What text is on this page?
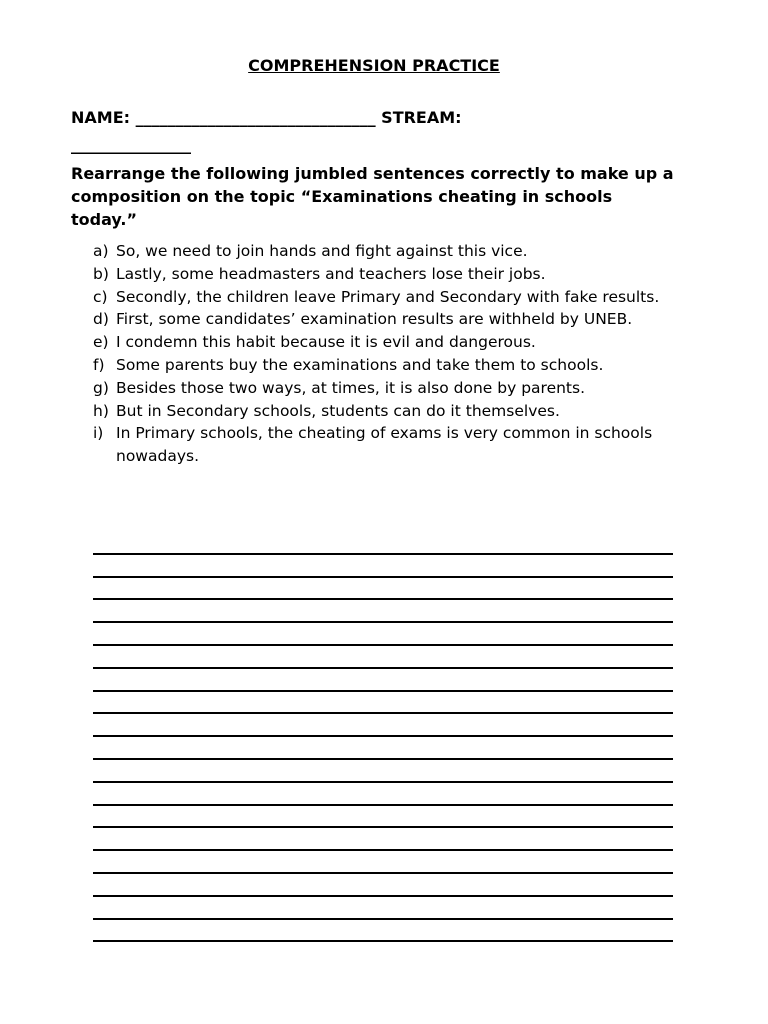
COMPREHENSION PRACTICE
NAME: ______________________________ STREAM:
_______________
Rearrange the following jumbled sentences correctly to make up a composition on the topic “Examinations cheating in schools today.”
a) So, we need to join hands and fight against this vice.
b) Lastly, some headmasters and teachers lose their jobs.
c) Secondly, the children leave Primary and Secondary with fake results.
d) First, some candidates’ examination results are withheld by UNEB.
e) I condemn this habit because it is evil and dangerous.
f) Some parents buy the examinations and take them to schools.
g) Besides those two ways, at times, it is also done by parents.
h) But in Secondary schools, students can do it themselves.
i) In Primary schools, the cheating of exams is very common in schools nowadays.
